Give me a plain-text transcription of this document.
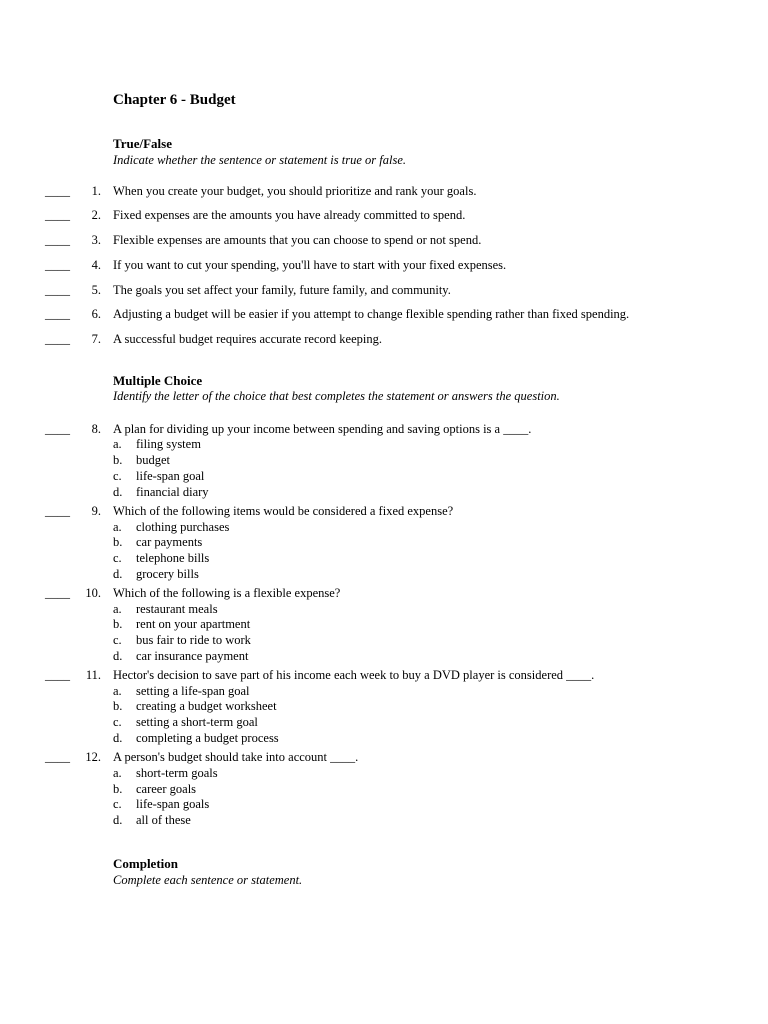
Chapter 6 - Budget
True/False

Indicate whether the sentence or statement is true or false.

____	1. When you create your budget, you should prioritize and rank your goals.
____	2. Fixed expenses are the amounts you have already committed to spend.
____	3. Flexible expenses are amounts that you can choose to spend or not spend.
____	4. If you want to cut your spending, you'll have to start with your fixed expenses.
____	5. The goals you set affect your family, future family, and community.
____	6. Adjusting a budget will be easier if you attempt to change flexible spending rather than fixed spending.
____	7. A successful budget requires accurate record keeping.
Multiple Choice

Identify the letter of the choice that best completes the statement or answers the question.

____	8. A plan for dividing up your income between spending and saving options is a ____.
a. filing system
b. budget
c. life-span goal
d. financial diary
____	9. Which of the following items would be considered a fixed expense?
a. clothing purchases
b. car payments
c. telephone bills
d. grocery bills
____	10. Which of the following is a flexible expense?
a. restaurant meals
b. rent on your apartment
c. bus fair to ride to work
d. car insurance payment
____	11. Hector's decision to save part of his income each week to buy a DVD player is considered ____.
a. setting a life-span goal
b. creating a budget worksheet
c. setting a short-term goal
d. completing a budget process
____	12. A person's budget should take into account ____.
a. short-term goals
b. career goals
c. life-span goals
d. all of these
Completion

Complete each sentence or statement.
